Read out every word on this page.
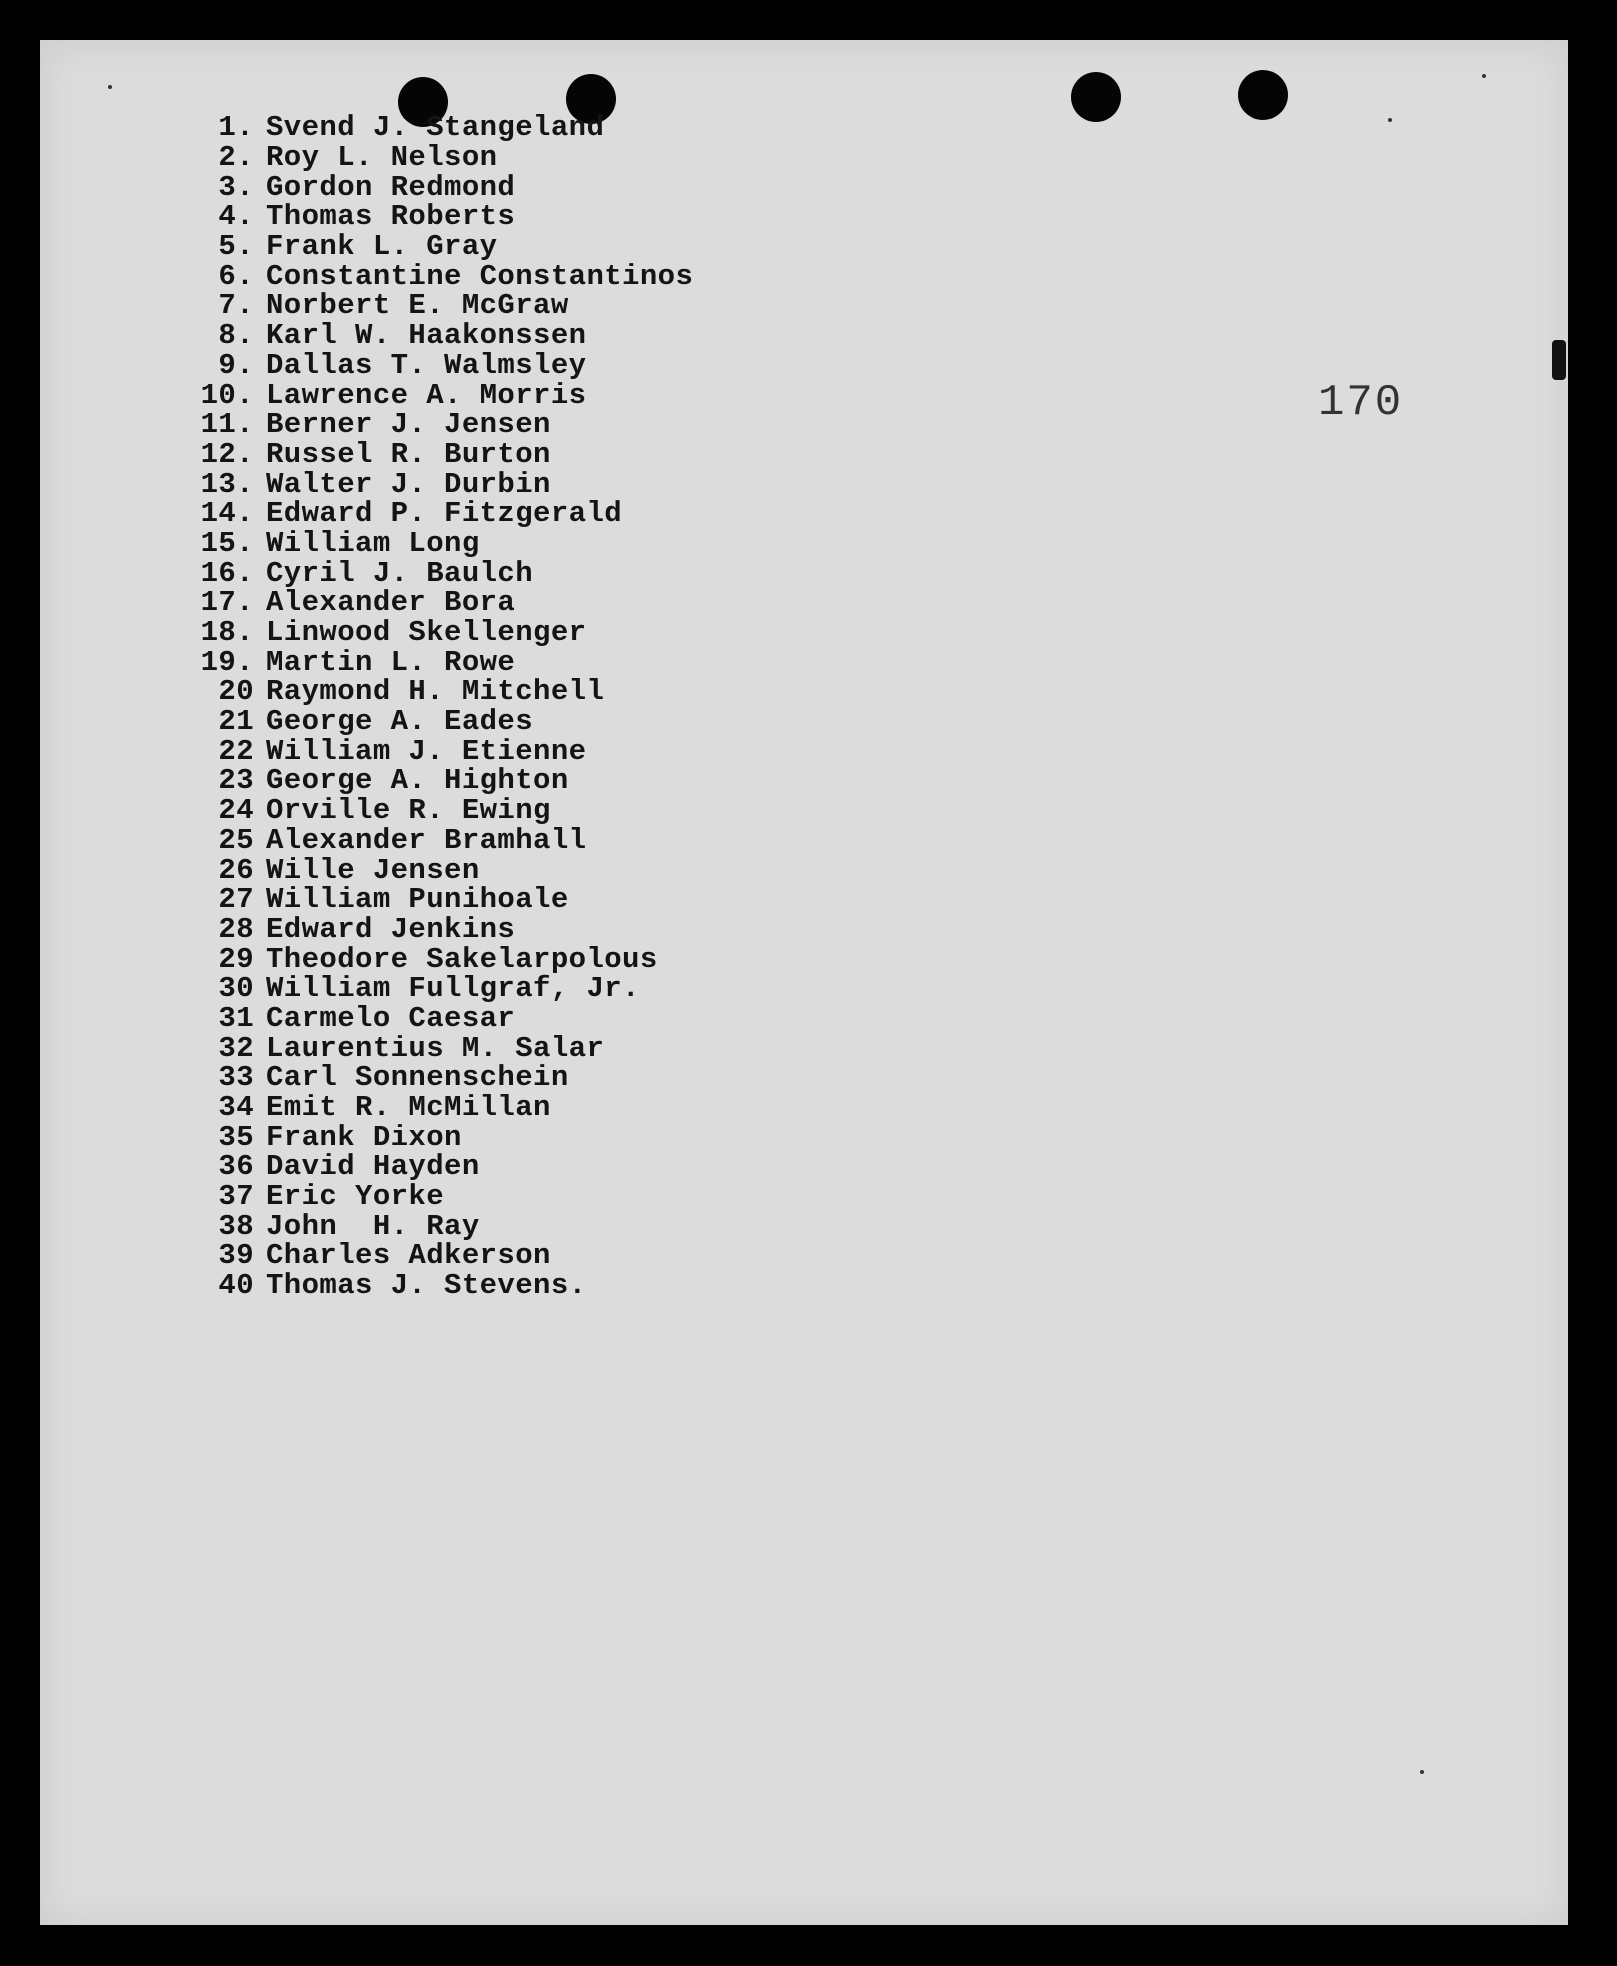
170
1. Svend J. Stangeland
2. Roy L. Nelson
3. Gordon Redmond
4. Thomas Roberts
5. Frank L. Gray
6. Constantine Constantinos
7. Norbert E. McGraw
8. Karl W. Haakonssen
9. Dallas T. Walmsley
10. Lawrence A. Morris
11. Berner J. Jensen
12. Russel R. Burton
13. Walter J. Durbin
14. Edward P. Fitzgerald
15. William Long
16. Cyril J. Baulch
17. Alexander Bora
18. Linwood Skellenger
19. Martin L. Rowe
20 Raymond H. Mitchell
21 George A. Eades
22 William J. Etienne
23 George A. Highton
24 Orville R. Ewing
25 Alexander Bramhall
26 Wille Jensen
27 William Punihoale
28 Edward Jenkins
29 Theodore Sakelarpolous
30 William Fullgraf, Jr.
31 Carmelo Caesar
32 Laurentius M. Salar
33 Carl Sonnenschein
34 Emit R. McMillan
35 Frank Dixon
36 David Hayden
37 Eric Yorke
38 John  H. Ray
39 Charles Adkerson
40 Thomas J. Stevens.
